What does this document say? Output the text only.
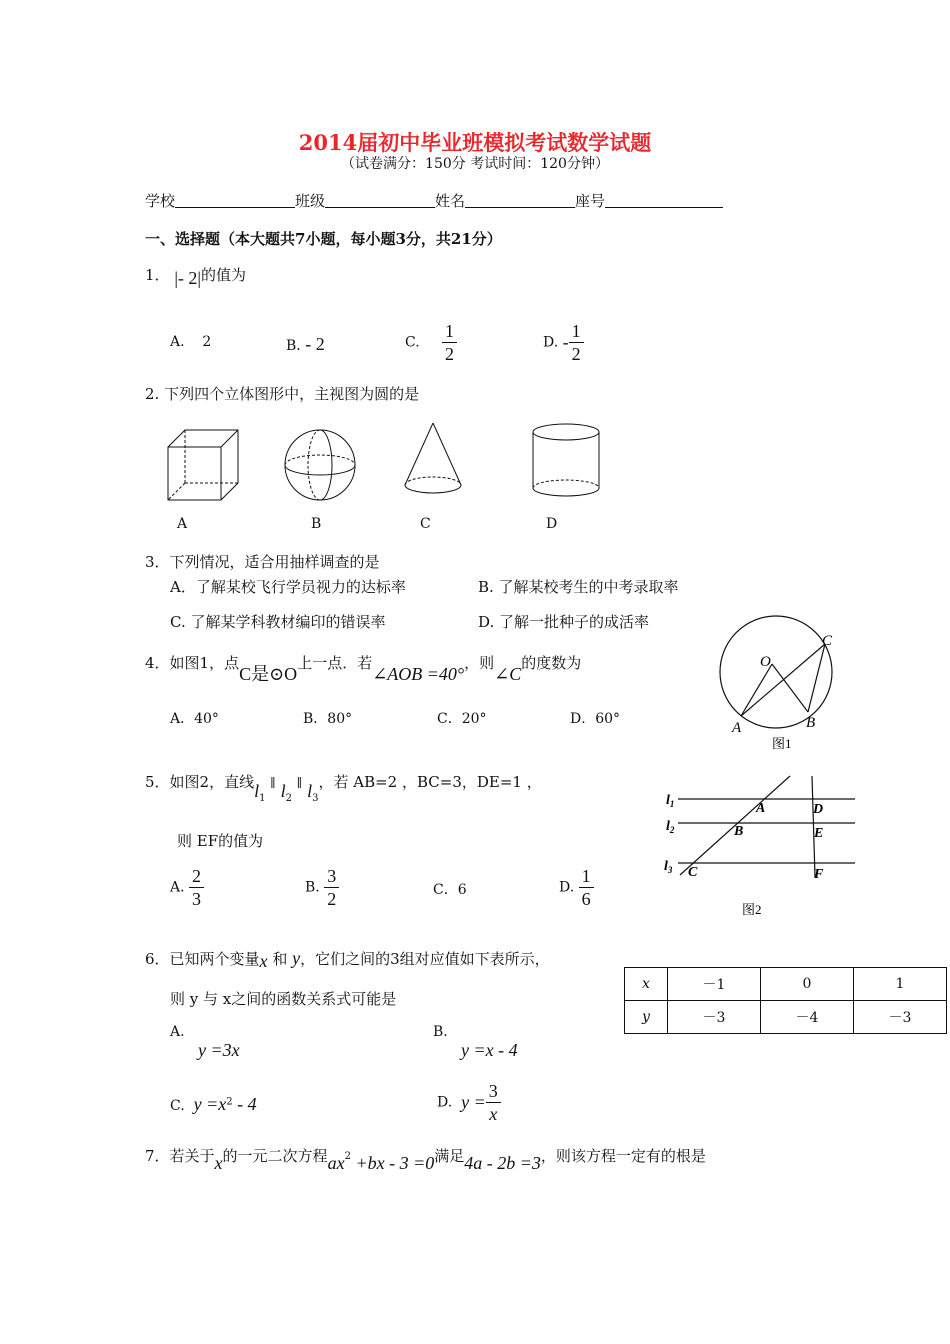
2014届初中毕业班模拟考试数学试题
（试卷满分：150分 考试时间：120分钟）
学校	班级	姓名	座号
一、选择题（本大题共7小题，每小题3分，共21分）
1． |- 2|的值为
A. 2	B. - 2	C. $\frac{1}{2}$	D. - $\frac{1}{2}$
2. 下列四个立体图形中，主视图为圆的是
A	B	C	D
3．下列情况，适合用抽样调查的是
A．了解某校飞行学员视力的达标率	B. 了解某校考生的中考录取率
C. 了解某学科教材编印的错误率	D. 了解一批种子的成活率
4．如图1，点C是⊙O上一点．若∠AOB =40°，则∠C的度数为
A．40°	B．80°	C．20°	D．60°
O
A	B
C
图1
5．如图2，直线$l_1$ ∥ $l_2$ ∥ $l_3$，若 AB=2 ，BC=3，DE=1 ，
则 EF的值为
A. $\frac{2}{3}$	B. $\frac{3}{2}$	C．6	D. $\frac{1}{6}$
$l_1$
$l_2$
$l_3$
A
B
C
D
E
F
图2
6．已知两个变量x 和 y，它们之间的3组对应值如下表所示，
则 y 与 x之间的函数关系式可能是
x	－1	0	1
y	－3	－4	－3
A.
y =3x
B.
y =x - 4
C. $y =x^2 - 4$	D. $y = \frac{3}{x}$
7．若关于x的一元二次方程$ax^2 +bx - 3 =0$满足4a - 2b =3，则该方程一定有的根是
